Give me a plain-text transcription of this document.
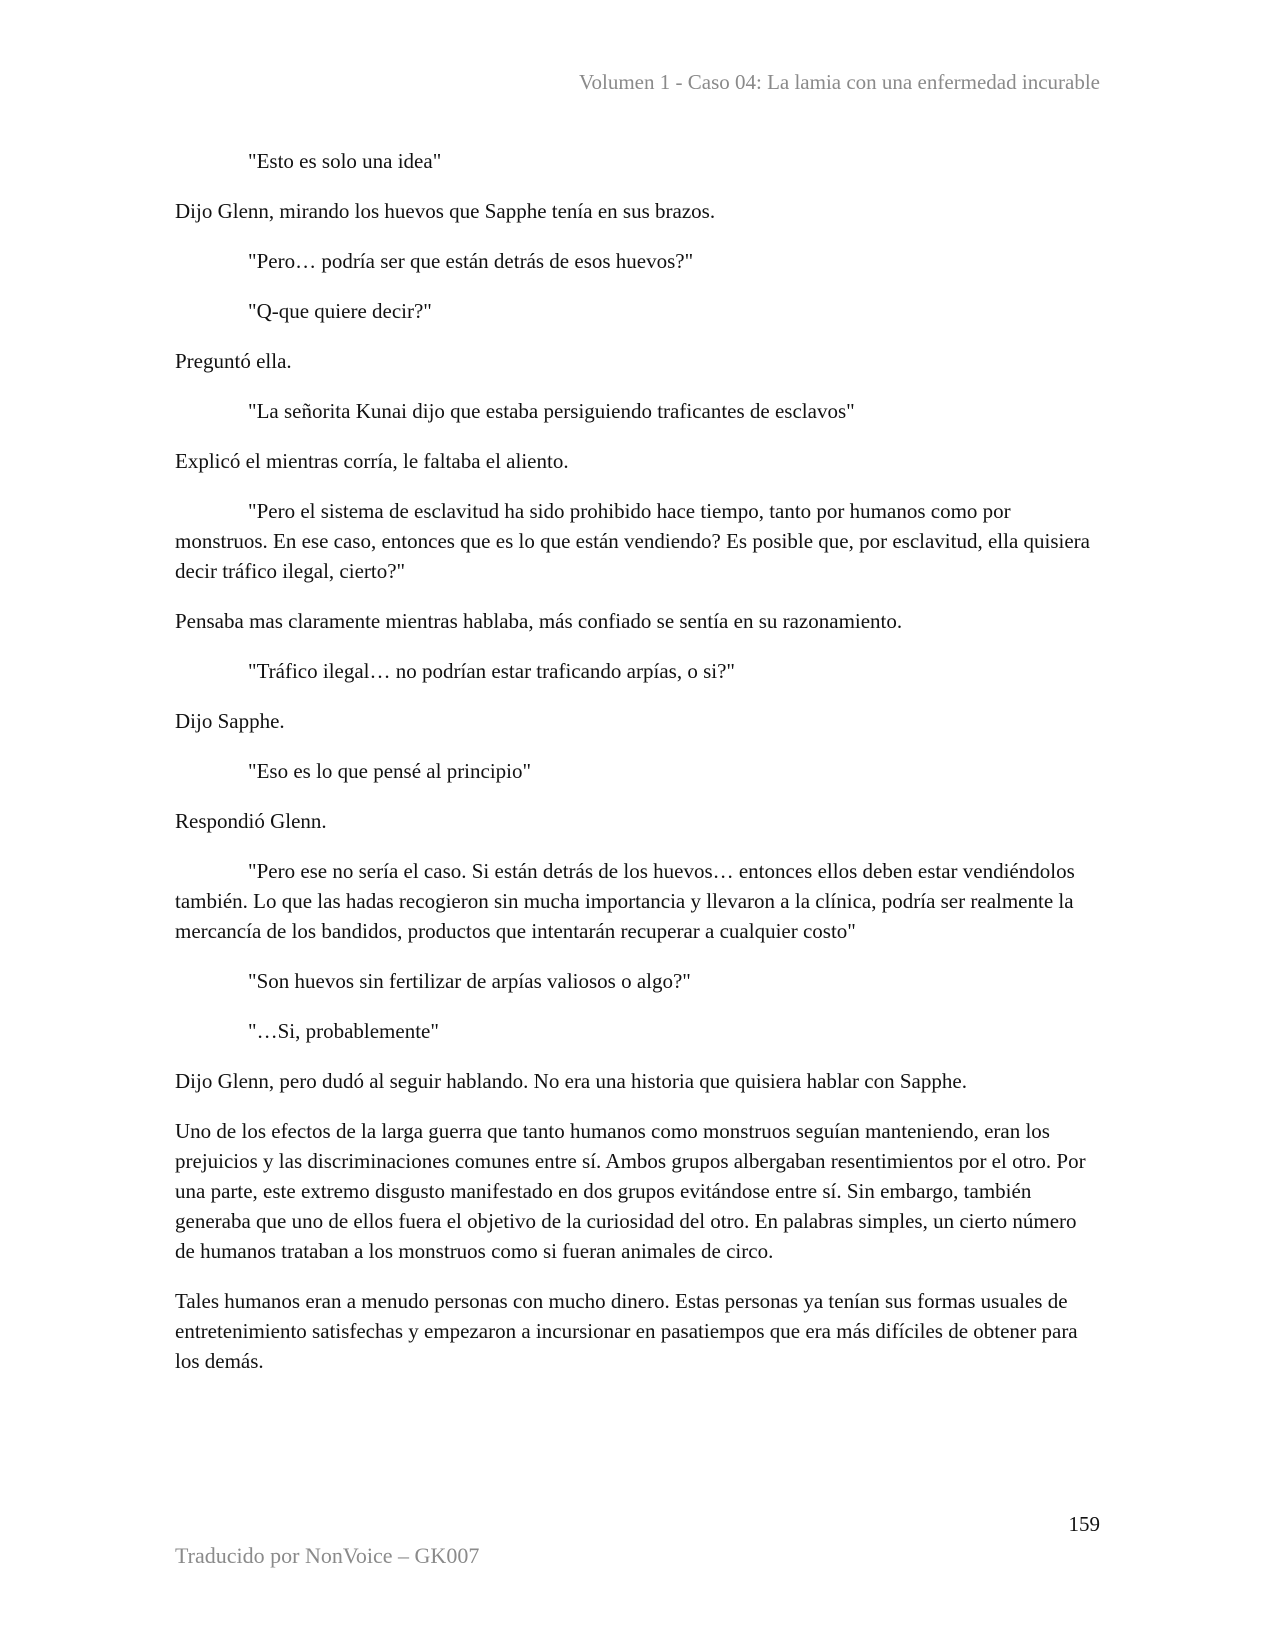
Volumen 1 - Caso 04: La lamia con una enfermedad incurable

"Esto es solo una idea"

Dijo Glenn, mirando los huevos que Sapphe tenía en sus brazos.

"Pero… podría ser que están detrás de esos huevos?"

"Q-que quiere decir?"

Preguntó ella.

"La señorita Kunai dijo que estaba persiguiendo traficantes de esclavos"

Explicó el mientras corría, le faltaba el aliento.

"Pero el sistema de esclavitud ha sido prohibido hace tiempo, tanto por humanos como por monstruos. En ese caso, entonces que es lo que están vendiendo? Es posible que, por esclavitud, ella quisiera decir tráfico ilegal, cierto?"

Pensaba mas claramente mientras hablaba, más confiado se sentía en su razonamiento.

"Tráfico ilegal… no podrían estar traficando arpías, o si?"

Dijo Sapphe.

"Eso es lo que pensé al principio"

Respondió Glenn.

"Pero ese no sería el caso. Si están detrás de los huevos… entonces ellos deben estar vendiéndolos también. Lo que las hadas recogieron sin mucha importancia y llevaron a la clínica, podría ser realmente la mercancía de los bandidos, productos que intentarán recuperar a cualquier costo"

"Son huevos sin fertilizar de arpías valiosos o algo?"

"…Si, probablemente"

Dijo Glenn, pero dudó al seguir hablando. No era una historia que quisiera hablar con Sapphe.

Uno de los efectos de la larga guerra que tanto humanos como monstruos seguían manteniendo, eran los prejuicios y las discriminaciones comunes entre sí. Ambos grupos albergaban resentimientos por el otro. Por una parte, este extremo disgusto manifestado en dos grupos evitándose entre sí. Sin embargo, también generaba que uno de ellos fuera el objetivo de la curiosidad del otro. En palabras simples, un cierto número de humanos trataban a los monstruos como si fueran animales de circo.

Tales humanos eran a menudo personas con mucho dinero. Estas personas ya tenían sus formas usuales de entretenimiento satisfechas y empezaron a incursionar en pasatiempos que era más difíciles de obtener para los demás.

159
Traducido por NonVoice – GK007
